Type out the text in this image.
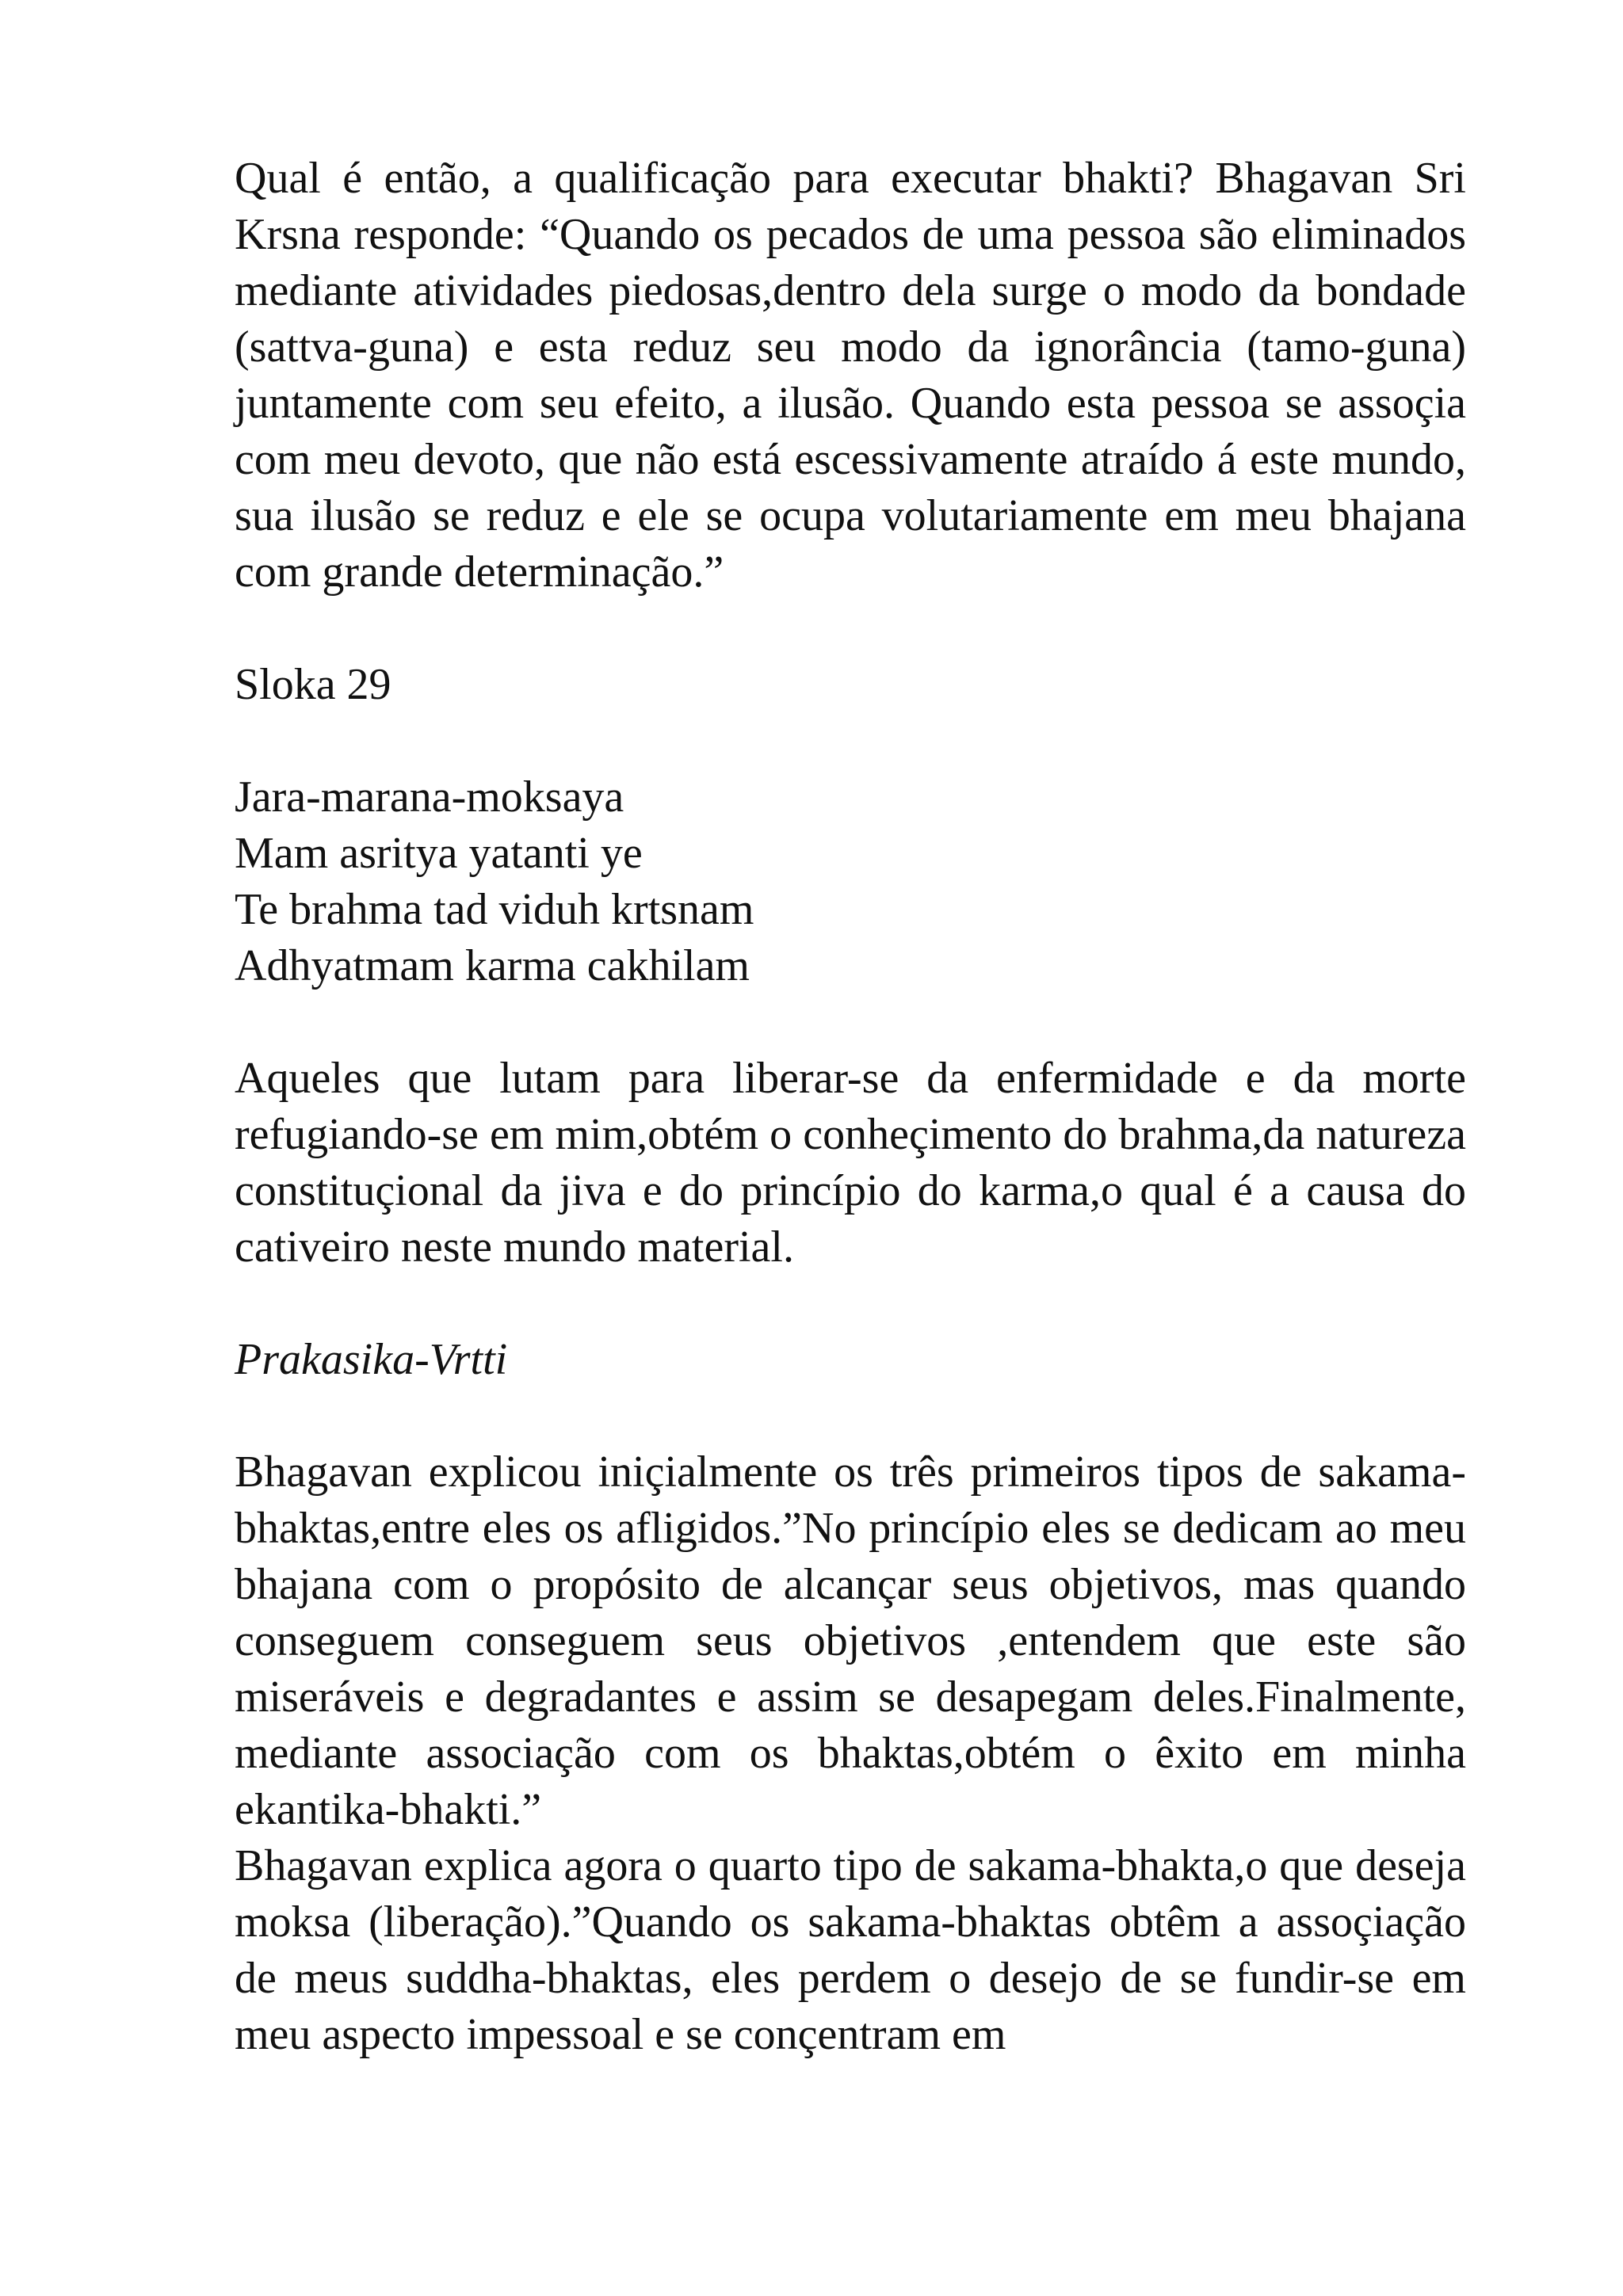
Qual é então, a qualificação para executar bhakti? Bhagavan Sri Krsna responde: “Quando os pecados de uma pessoa são eliminados mediante atividades piedosas,dentro dela surge o modo da bondade (sattva-guna) e esta reduz seu modo da ignorância (tamo-guna) juntamente com seu efeito, a ilusão. Quando esta pessoa se assoçia com meu devoto, que não está escessivamente atraído á este mundo, sua ilusão se reduz e ele se ocupa volutariamente em meu bhajana com grande determinação.”

Sloka 29

Jara-marana-moksaya

Mam asritya yatanti ye

Te brahma tad viduh krtsnam

Adhyatmam karma cakhilam

Aqueles que lutam para liberar-se da enfermidade e da morte refugiando-se em mim,obtém o conheçimento do brahma,da natureza constituçional da jiva e do princípio do karma,o qual é a causa do cativeiro neste mundo material.

Prakasika-Vrtti

Bhagavan explicou iniçialmente os três primeiros tipos de sakama-bhaktas,entre eles os afligidos.”No princípio eles se dedicam ao meu bhajana com o propósito de alcançar seus objetivos, mas quando conseguem conseguem seus objetivos ,entendem que este são miseráveis e degradantes e assim se desapegam deles.Finalmente, mediante associação com os bhaktas,obtém o êxito em minha ekantika-bhakti.”

Bhagavan explica agora o quarto tipo de sakama-bhakta,o que deseja moksa (liberação).”Quando os sakama-bhaktas obtêm a assoçiação de meus suddha-bhaktas, eles perdem o desejo de se fundir-se em meu aspecto impessoal e se conçentram em
